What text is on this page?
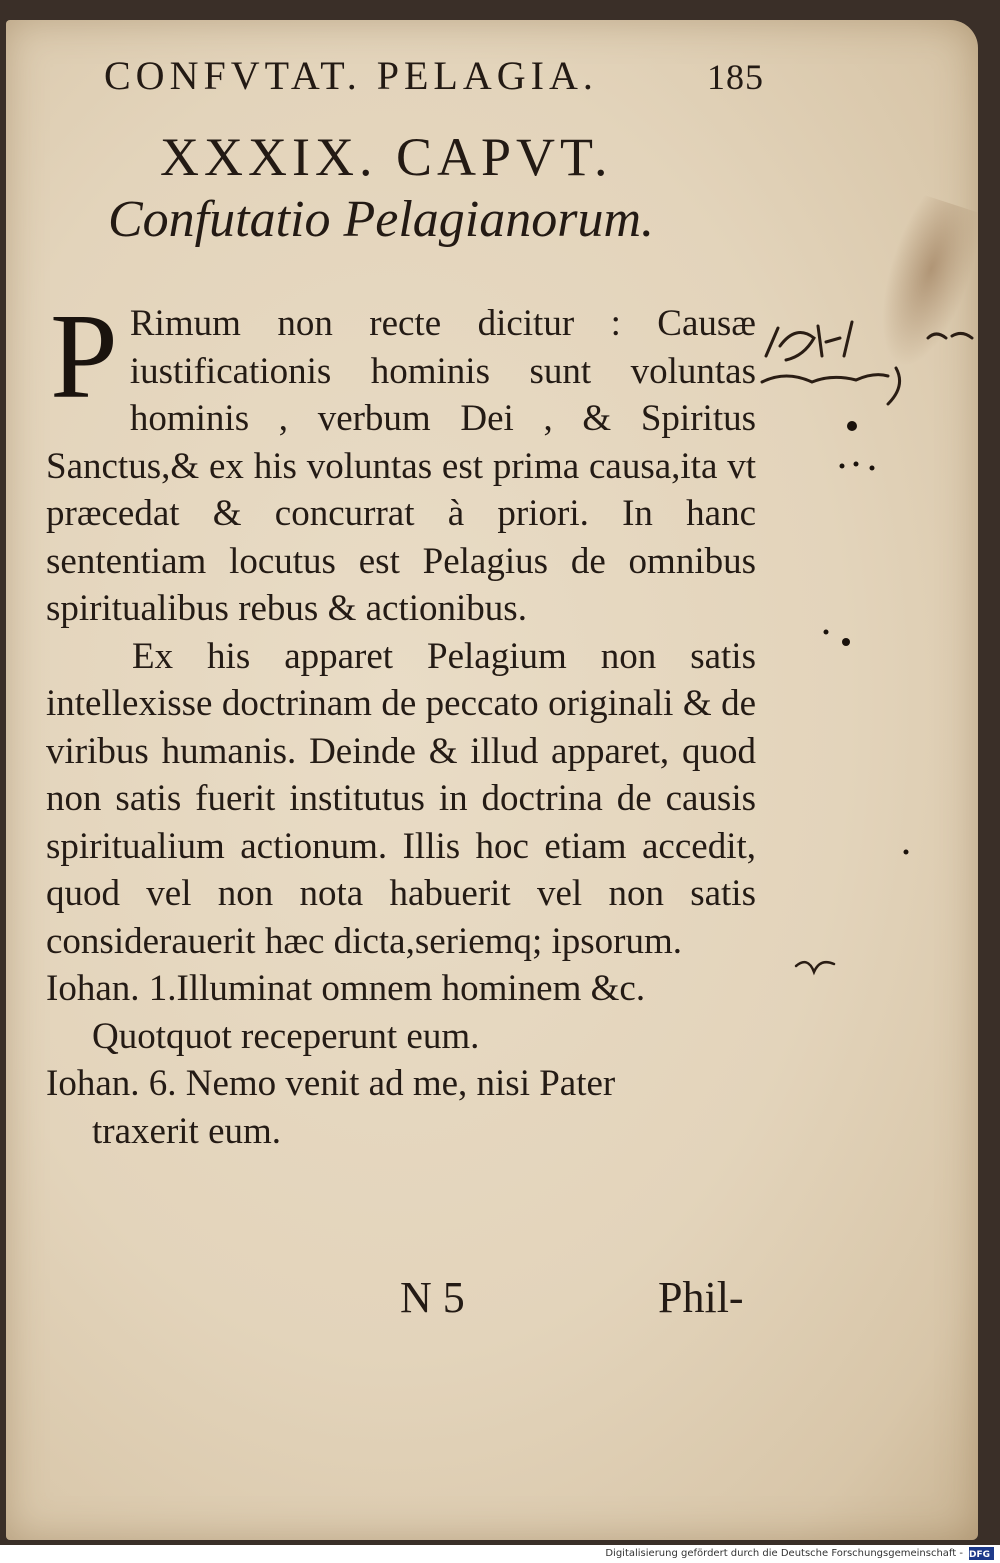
CONFVTAT. PELAGIA.	185
XXXIX. CAPVT.
Confutatio Pelagianorum.
P Rimum non recte dicitur : Causæ iustificationis hominis sunt voluntas hominis , verbum Dei , & Spiritus Sanctus,& ex his voluntas est prima causa,ita vt præcedat & concurrat à priori. In hanc sententiam locutus est Pelagius de omnibus spiritualibus rebus & actionibus.

Ex his apparet Pelagium non satis intellexisse doctrinam de peccato originali & de viribus humanis. Deinde & illud apparet, quod non satis fuerit institutus in doctrina de causis spiritualium actionum. Illis hoc etiam accedit, quod vel non nota habuerit vel non satis considerauerit hæc dicta,seriemq; ipsorum.

Iohan. 1.Illuminat omnem hominem &c.

Quotquot receperunt eum.

Iohan. 6. Nemo venit ad me, nisi Pater

traxerit eum.

N 5	Phil-
Digitalisierung gefördert durch die Deutsche Forschungsgemeinschaft - DFG
